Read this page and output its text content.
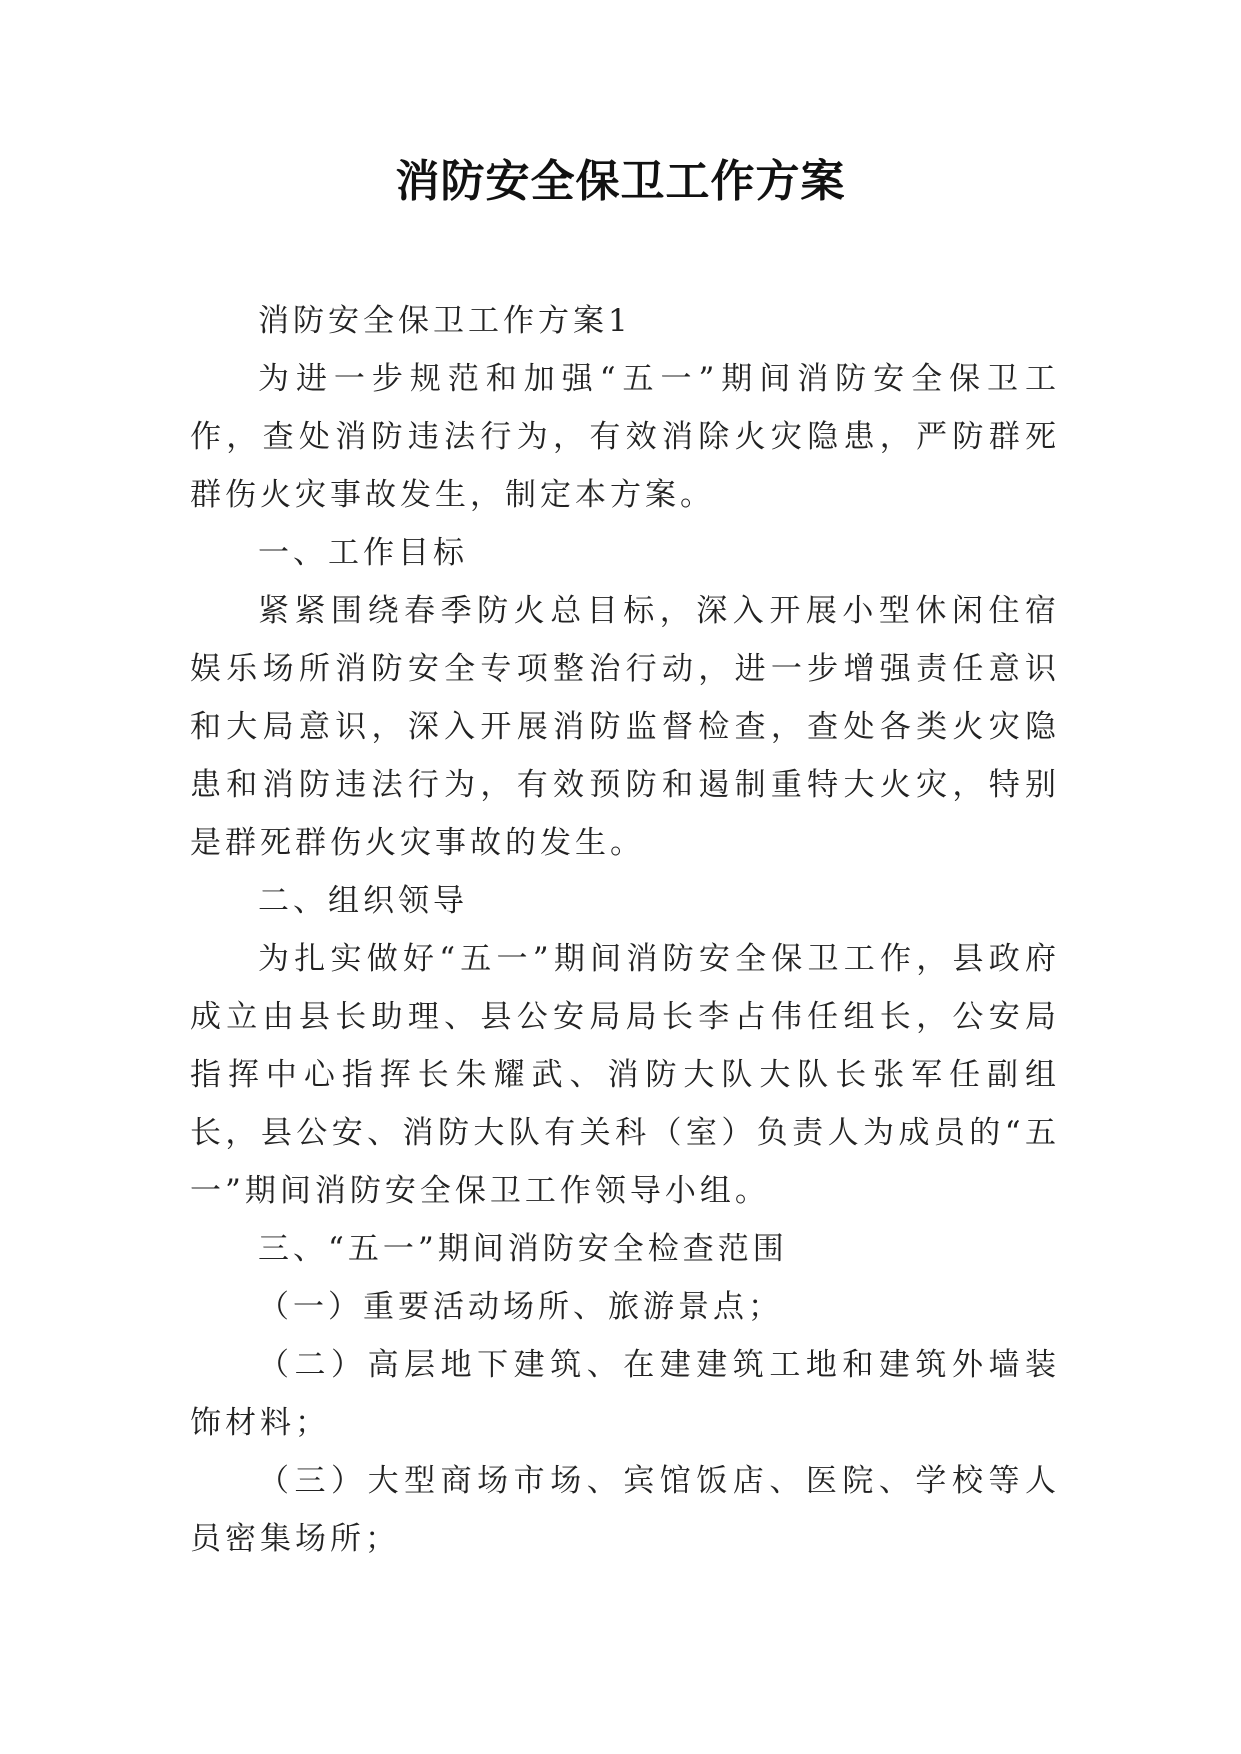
消防安全保卫工作方案

消防安全保卫工作方案1

为进一步规范和加强“五一”期间消防安全保卫工作，查处消防违法行为，有效消除火灾隐患，严防群死群伤火灾事故发生，制定本方案。

一、工作目标

紧紧围绕春季防火总目标，深入开展小型休闲住宿娱乐场所消防安全专项整治行动，进一步增强责任意识和大局意识，深入开展消防监督检查，查处各类火灾隐患和消防违法行为，有效预防和遏制重特大火灾，特别是群死群伤火灾事故的发生。

二、组织领导

为扎实做好“五一”期间消防安全保卫工作，县政府成立由县长助理、县公安局局长李占伟任组长，公安局指挥中心指挥长朱耀武、消防大队大队长张军任副组长，县公安、消防大队有关科（室）负责人为成员的“五一”期间消防安全保卫工作领导小组。

三、“五一”期间消防安全检查范围

（一）重要活动场所、旅游景点；

（二）高层地下建筑、在建建筑工地和建筑外墙装饰材料；

（三）大型商场市场、宾馆饭店、医院、学校等人员密集场所；
